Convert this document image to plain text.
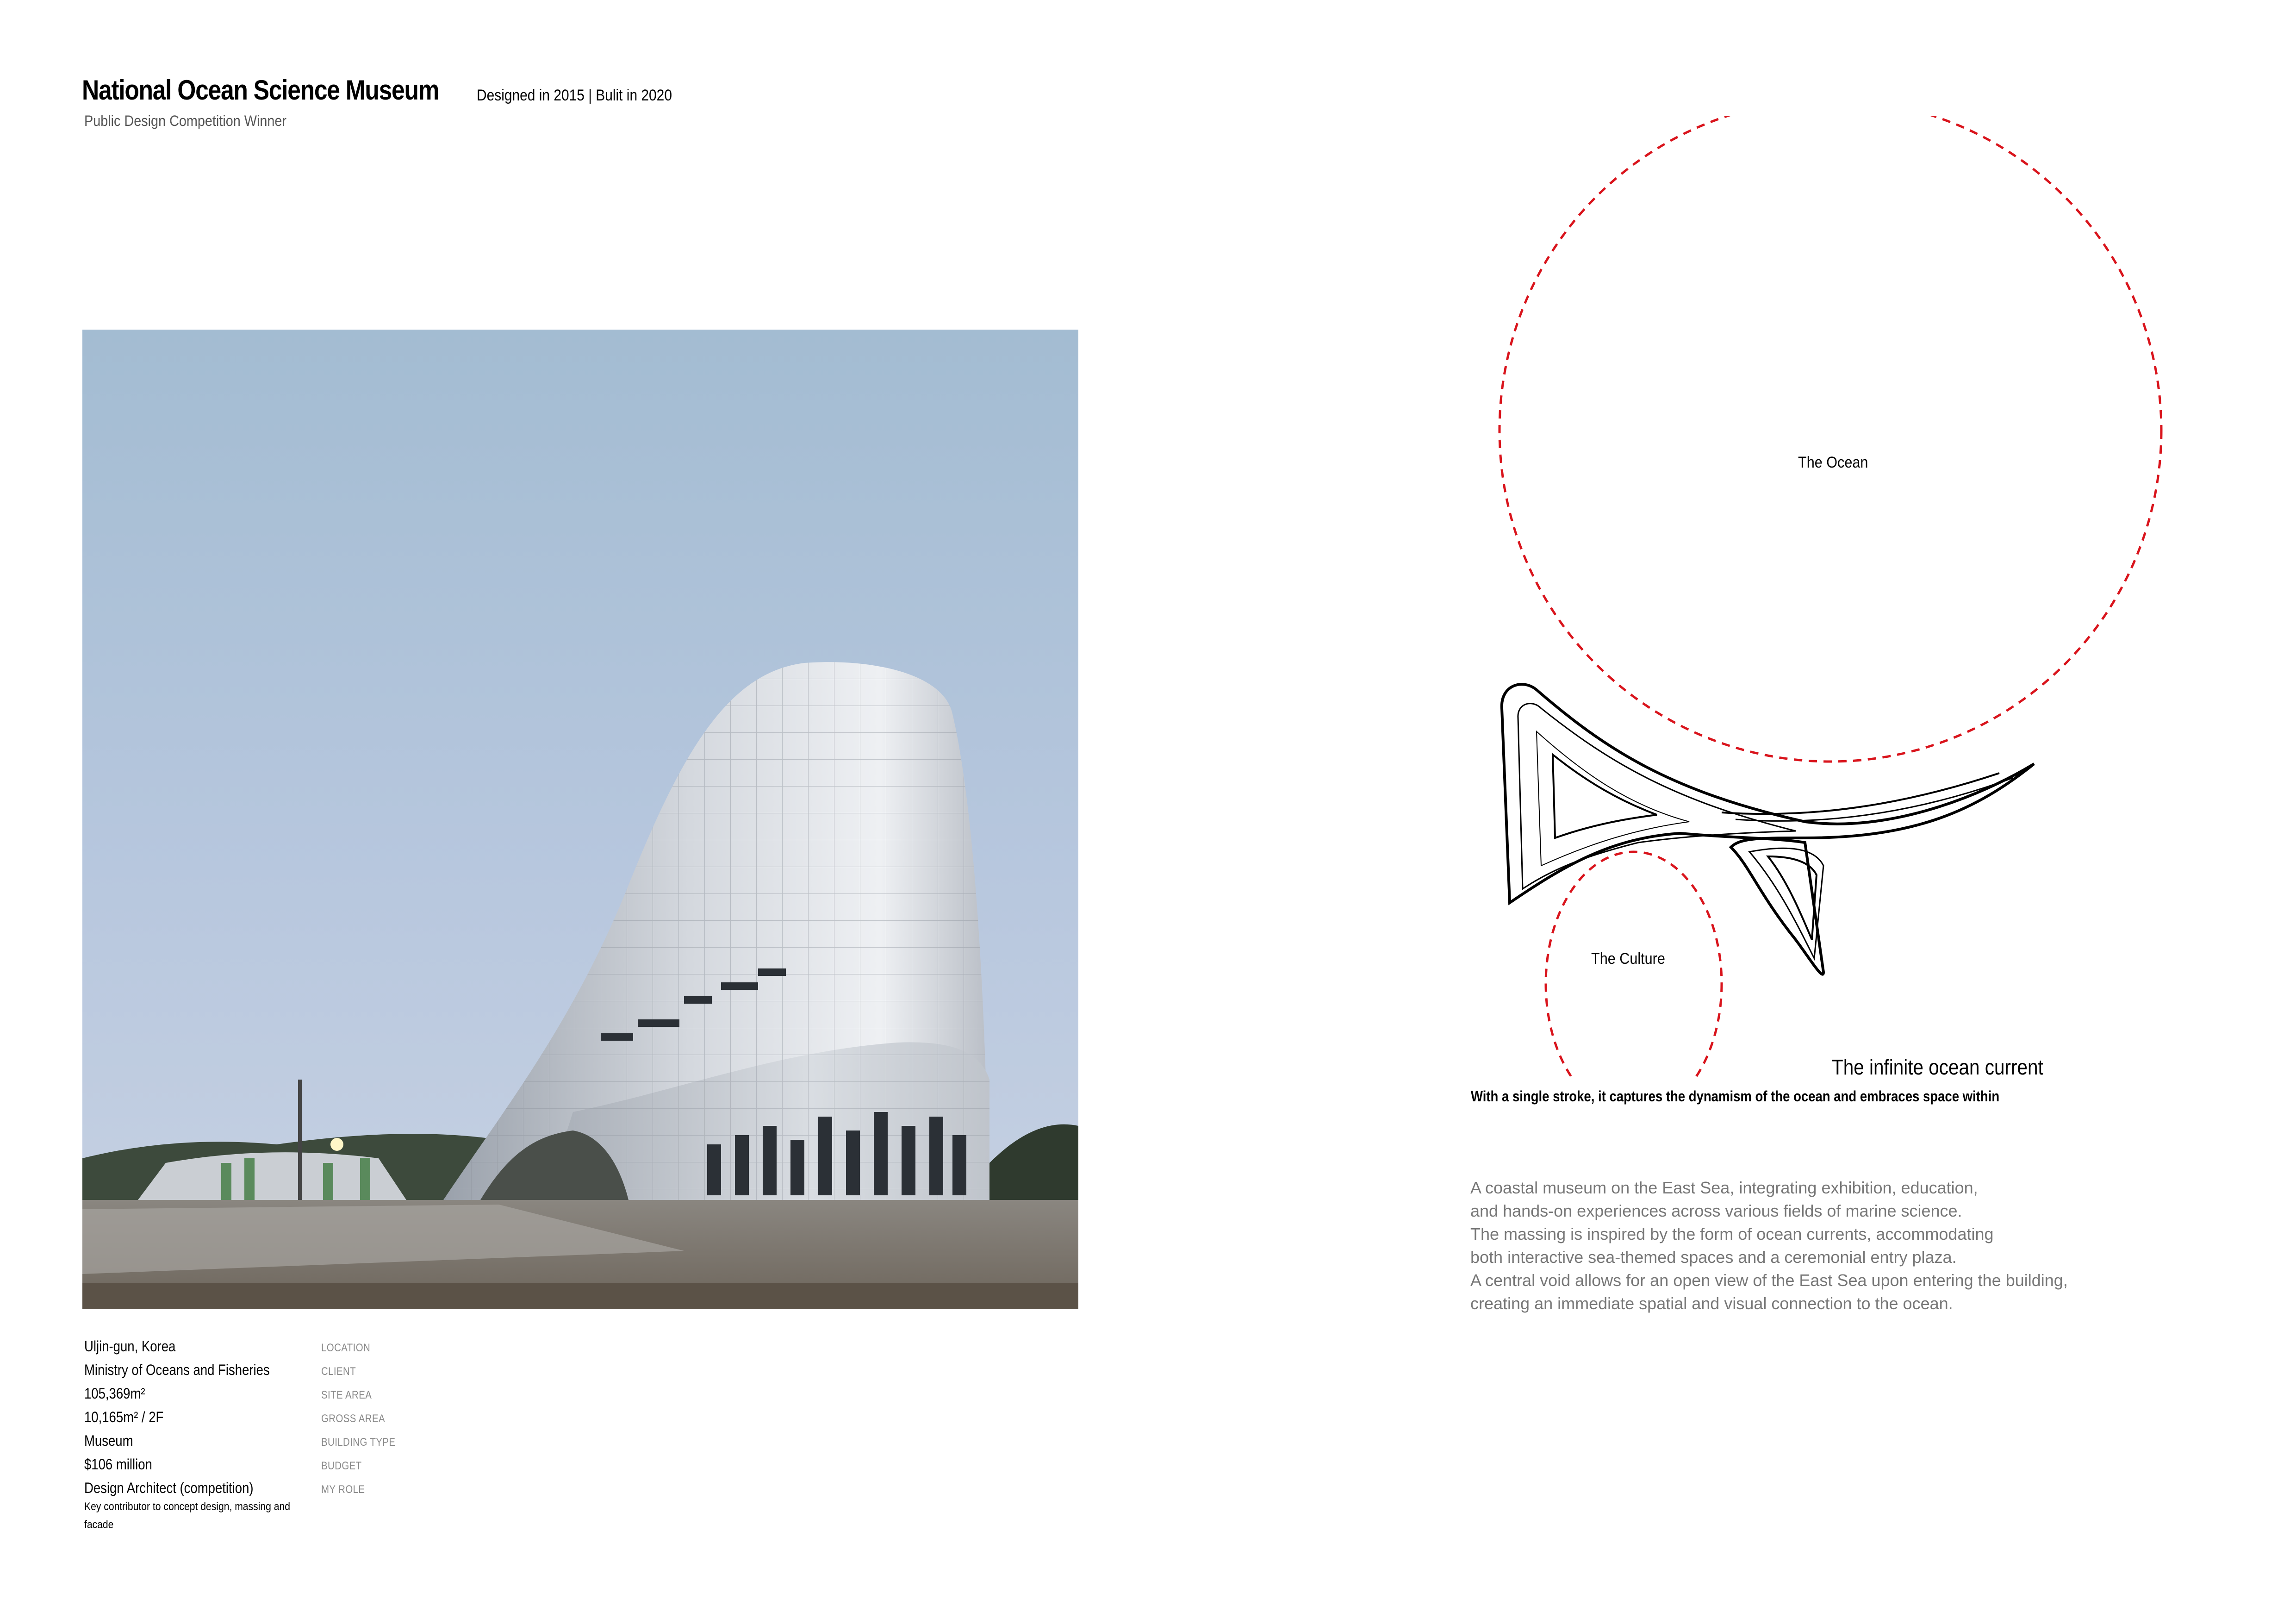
National Ocean Science Museum Designed in 2015 | Bulit in 2020
Public Design Competition Winner
Uljin-gun, Korea	LOCATION
Ministry of Oceans and Fisheries	CLIENT
105,369m²	SITE AREA
10,165m² / 2F	GROSS AREA
Museum	BUILDING TYPE
$106 million	BUDGET
Design Architect (competition)	MY ROLE
Key contributor to concept design, massing and facade
The Ocean
The Culture
The infinite ocean current
With a single stroke, it captures the dynamism of the ocean and embraces space within
A coastal museum on the East Sea, integrating exhibition, education,
and hands-on experiences across various fields of marine science.
The massing is inspired by the form of ocean currents, accommodating
both interactive sea-themed spaces and a ceremonial entry plaza.
A central void allows for an open view of the East Sea upon entering the building,
creating an immediate spatial and visual connection to the ocean.
